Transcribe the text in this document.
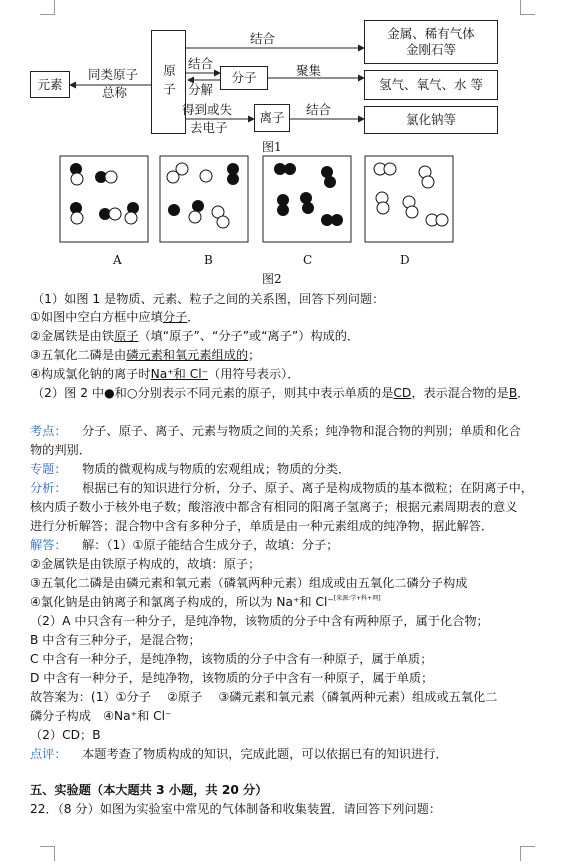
元素
同类原子
总称	原子
结合
结合
分解
分子	聚集
得到或失
去电子
离子
结合
金属、稀有气体金刚石等
氢气、氧气、水 等
氯化钠等
图1
A	B	C	D
图2
（1）如图 1 是物质、元素、粒子之间的关系图，回答下列问题：
①如图中空白方框中应填分子．
②金属铁是由铁原子（填“原子”、“分子”或“离子”）构成的．
③五氧化二磷是由磷元素和氧元素组成的；
④构成氯化钠的离子时Na⁺和 Cl⁻（用符号表示）．
（2）图 2 中●和○分别表示不同元素的原子，则其中表示单质的是CD，表示混合物的是B．
考点： 分子、原子、离子、元素与物质之间的关系；纯净物和混合物的判别；单质和化合
物的判别．
专题： 物质的微观构成与物质的宏观组成；物质的分类．
分析： 根据已有的知识进行分析，分子、原子、离子是构成物质的基本微粒；在阴离子中，
核内质子数小于核外电子数；酸溶液中都含有相同的阳离子氢离子；根据元素周期表的意义
进行分析解答；混合物中含有多种分子，单质是由一种元素组成的纯净物，据此解答．
解答： 解：（1）①原子能结合生成分子，故填：分子；
②金属铁是由铁原子构成的，故填：原子；
③五氧化二磷是由磷元素和氧元素（磷氧两种元素）组成或由五氧化二磷分子构成
④氯化钠是由钠离子和氯离子构成的，所以为 Na⁺和 Cl⁻[来源:学+科+网]
（2）A 中只含有一种分子，是纯净物，该物质的分子中含有两种原子，属于化合物；
B 中含有三种分子，是混合物；
C 中含有一种分子，是纯净物，该物质的分子中含有一种原子，属于单质；
D 中含有一种分子，是纯净物，该物质的分子中含有一种原子，属于单质；
故答案为：(1）①分子　 ②原子　 ③磷元素和氧元素（磷氧两种元素）组成或五氧化二
磷分子构成　④Na⁺和 Cl⁻
（2）CD；B
点评： 本题考查了物质构成的知识，完成此题，可以依据已有的知识进行．
五、实验题（本大题共 3 小题，共 20 分）
22．（8 分）如图为实验室中常见的气体制备和收集装置．请回答下列问题：
